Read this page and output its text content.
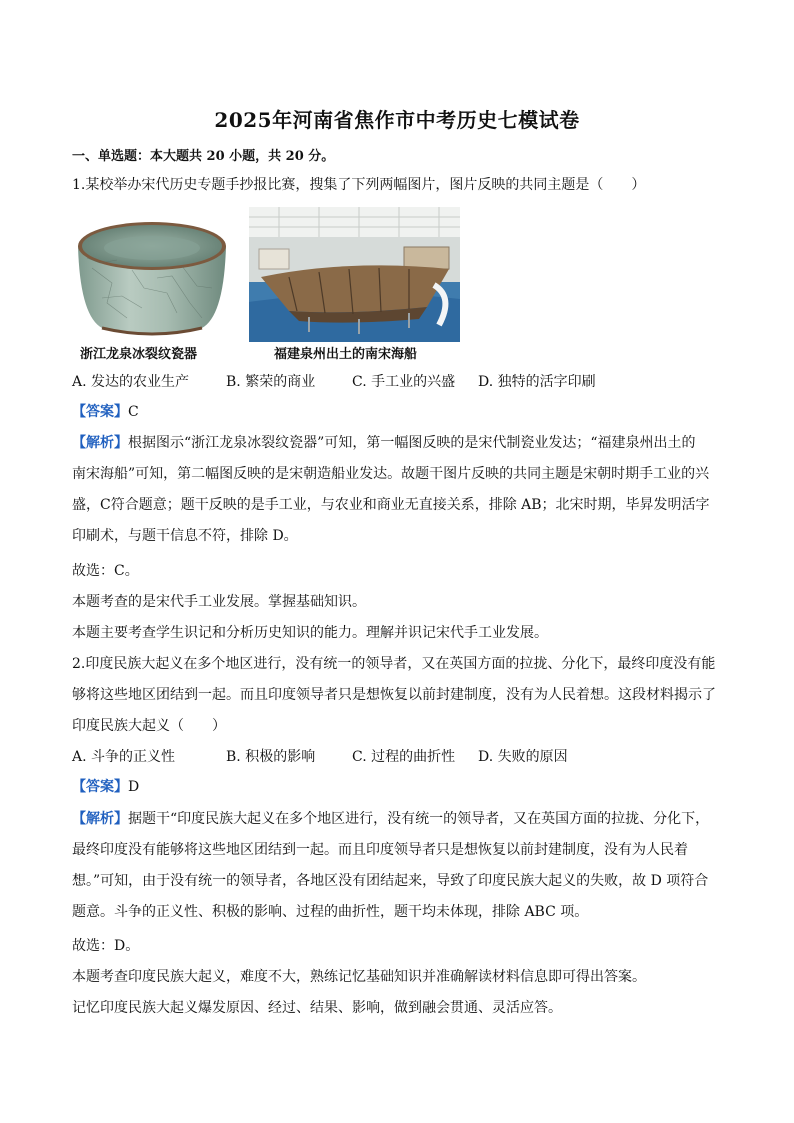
2025年河南省焦作市中考历史七模试卷
一、单选题：本大题共 20 小题，共 20 分。
1.某校举办宋代历史专题手抄报比赛，搜集了下列两幅图片，图片反映的共同主题是（　　）
浙江龙泉冰裂纹瓷器	福建泉州出土的南宋海船
A. 发达的农业生产	B. 繁荣的商业	C. 手工业的兴盛 D. 独特的活字印刷
【答案】C
【解析】根据图示“浙江龙泉冰裂纹瓷器”可知，第一幅图反映的是宋代制瓷业发达；“福建泉州出土的
南宋海船”可知，第二幅图反映的是宋朝造船业发达。故题干图片反映的共同主题是宋朝时期手工业的兴
盛，C符合题意；题干反映的是手工业，与农业和商业无直接关系，排除 AB；北宋时期，毕昇发明活字
印刷术，与题干信息不符，排除 D。
故选：C。
本题考查的是宋代手工业发展。掌握基础知识。
本题主要考查学生识记和分析历史知识的能力。理解并识记宋代手工业发展。
2.印度民族大起义在多个地区进行，没有统一的领导者，又在英国方面的拉拢、分化下，最终印度没有能
够将这些地区团结到一起。而且印度领导者只是想恢复以前封建制度，没有为人民着想。这段材料揭示了
印度民族大起义（　　）
A. 斗争的正义性	B. 积极的影响	C. 过程的曲折性 D. 失败的原因
【答案】D
【解析】据题干“印度民族大起义在多个地区进行，没有统一的领导者，又在英国方面的拉拢、分化下，
最终印度没有能够将这些地区团结到一起。而且印度领导者只是想恢复以前封建制度，没有为人民着
想。”可知，由于没有统一的领导者，各地区没有团结起来，导致了印度民族大起义的失败，故 D 项符合
题意。斗争的正义性、积极的影响、过程的曲折性，题干均未体现，排除 ABC 项。
故选：D。
本题考查印度民族大起义，难度不大，熟练记忆基础知识并准确解读材料信息即可得出答案。
记忆印度民族大起义爆发原因、经过、结果、影响，做到融会贯通、灵活应答。
